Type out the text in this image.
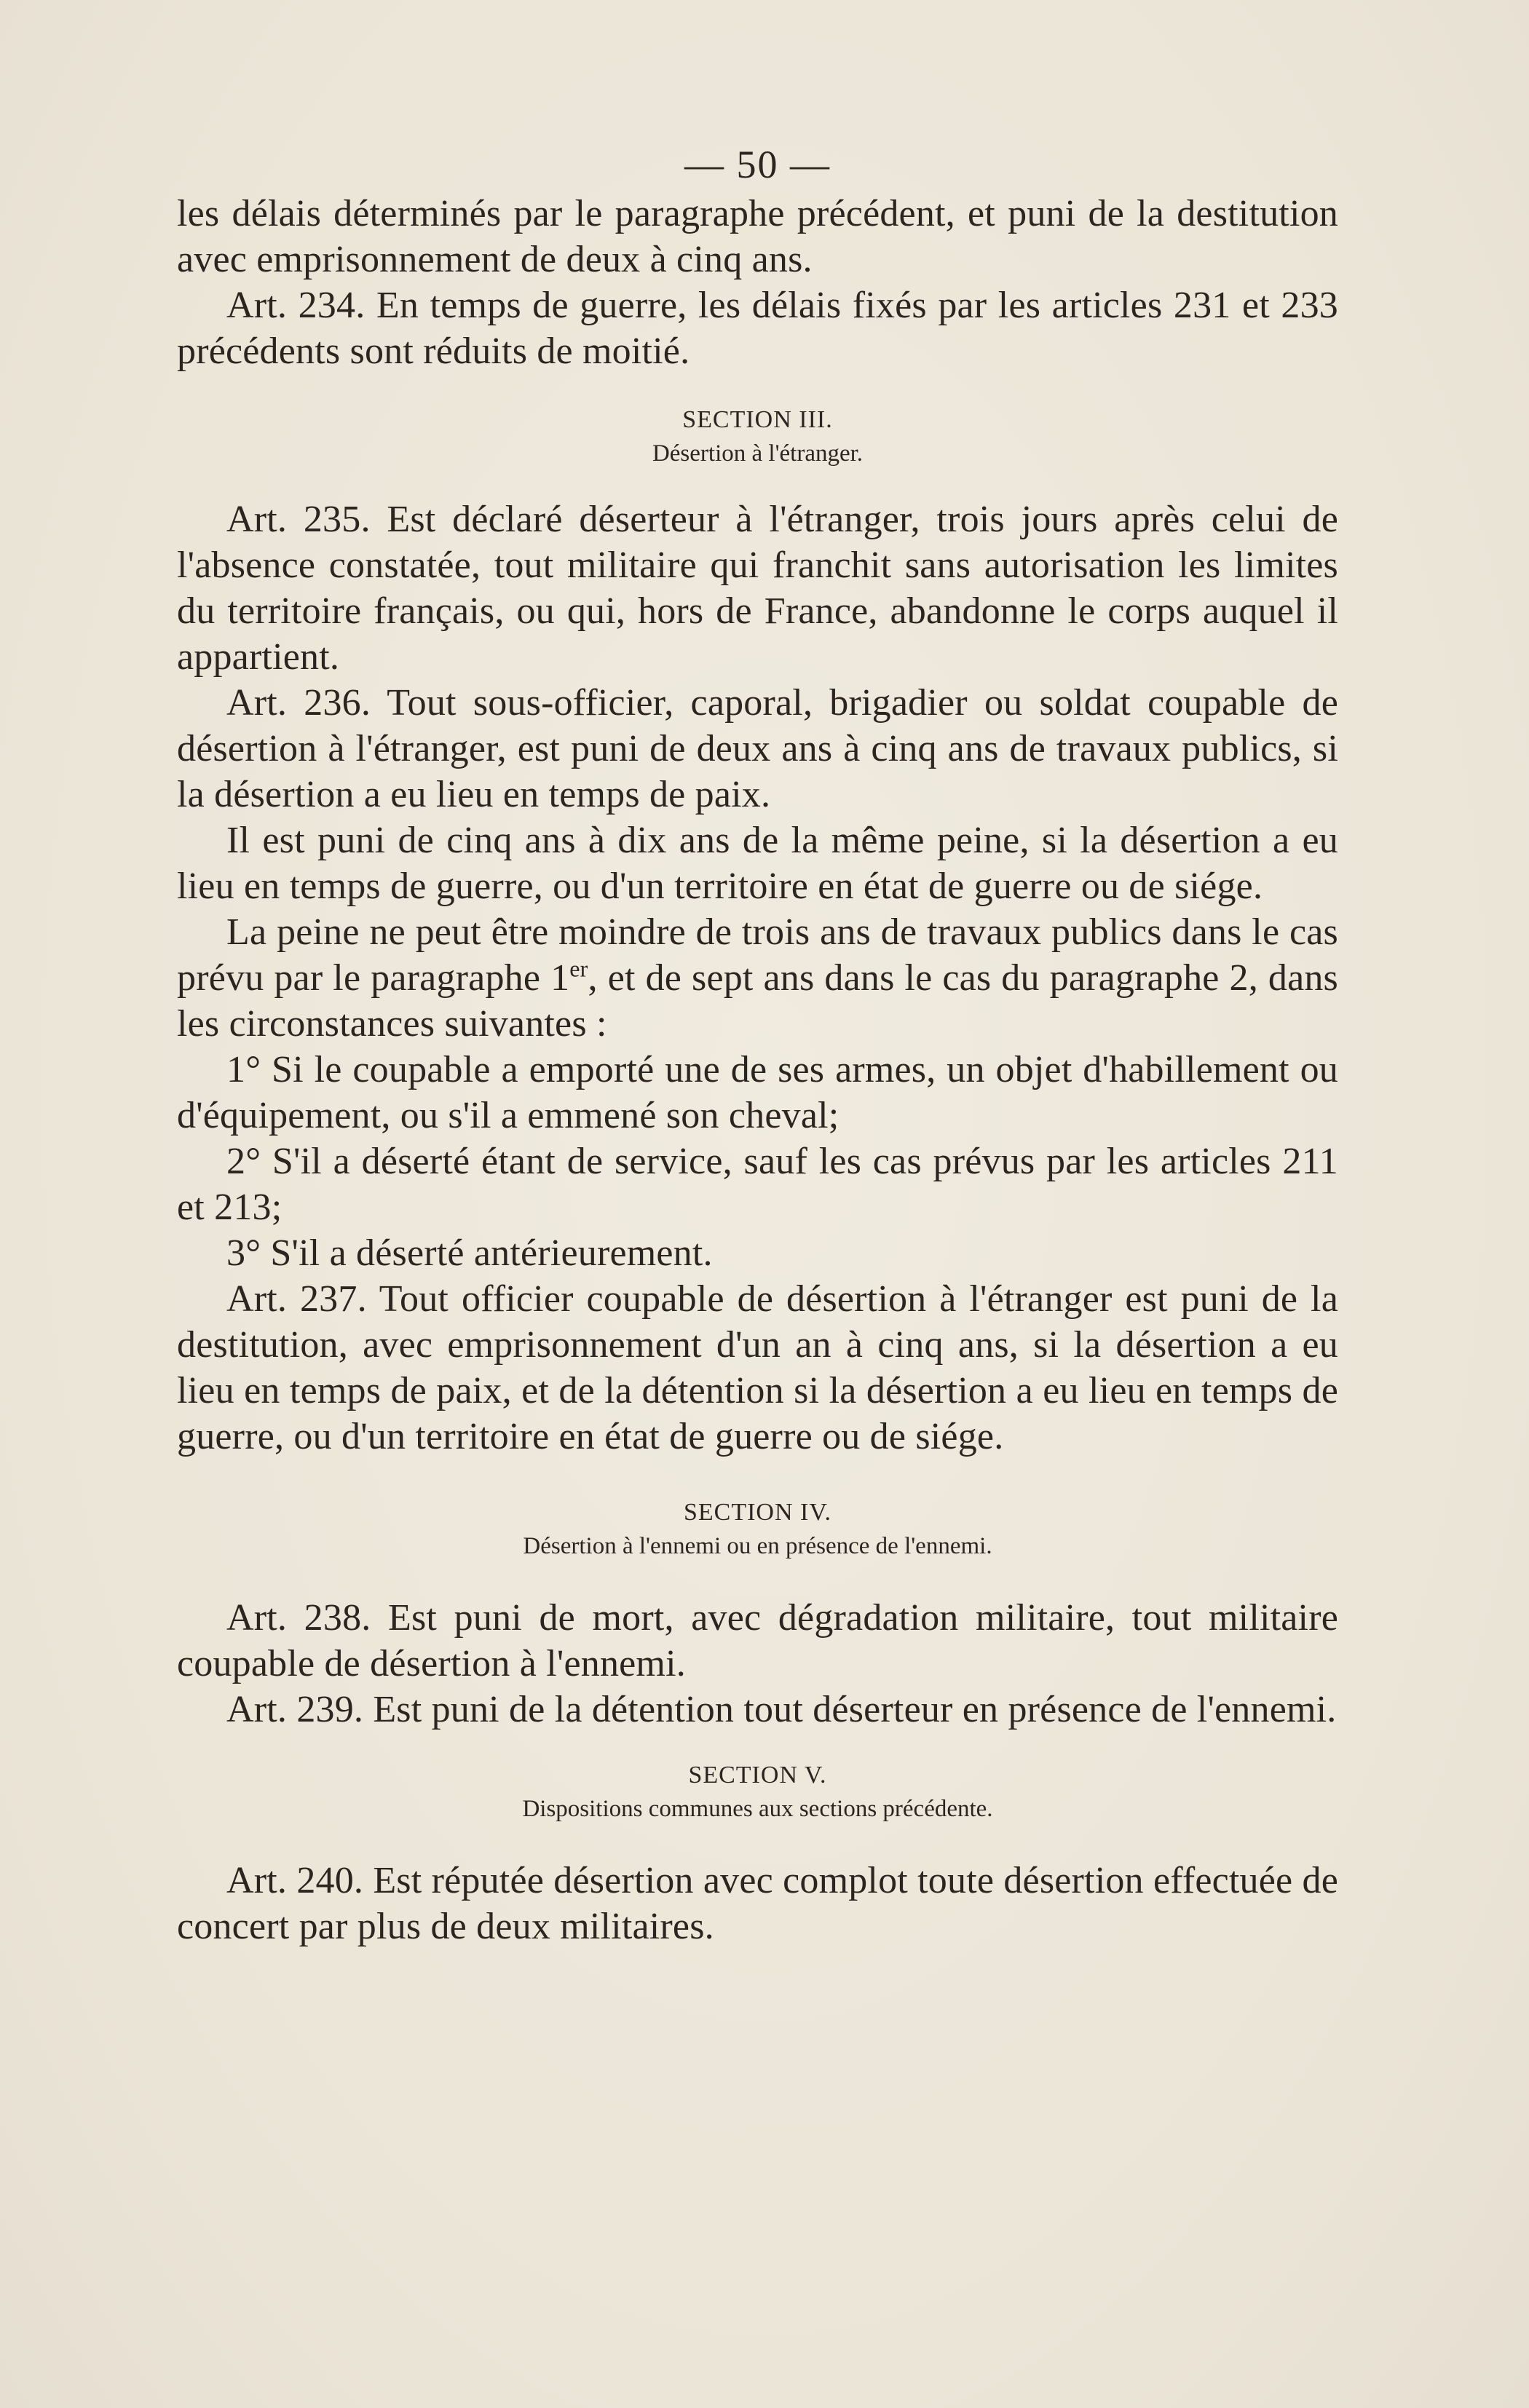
— 50 —

les délais déterminés par le paragraphe précédent, et puni de la destitution avec emprisonnement de deux à cinq ans.

Art. 234. En temps de guerre, les délais fixés par les articles 231 et 233 précédents sont réduits de moitié.

SECTION III.

Désertion à l'étranger.

Art. 235. Est déclaré déserteur à l'étranger, trois jours après celui de l'absence constatée, tout militaire qui franchit sans autorisation les limites du territoire français, ou qui, hors de France, abandonne le corps auquel il appartient.

Art. 236. Tout sous-officier, caporal, brigadier ou soldat coupable de désertion à l'étranger, est puni de deux ans à cinq ans de travaux publics, si la désertion a eu lieu en temps de paix.

Il est puni de cinq ans à dix ans de la même peine, si la désertion a eu lieu en temps de guerre, ou d'un territoire en état de guerre ou de siége.

La peine ne peut être moindre de trois ans de travaux publics dans le cas prévu par le paragraphe 1er, et de sept ans dans le cas du paragraphe 2, dans les circonstances suivantes :

1° Si le coupable a emporté une de ses armes, un objet d'habillement ou d'équipement, ou s'il a emmené son cheval;

2° S'il a déserté étant de service, sauf les cas prévus par les articles 211 et 213;

3° S'il a déserté antérieurement.

Art. 237. Tout officier coupable de désertion à l'étranger est puni de la destitution, avec emprisonnement d'un an à cinq ans, si la désertion a eu lieu en temps de paix, et de la détention si la désertion a eu lieu en temps de guerre, ou d'un territoire en état de guerre ou de siége.

SECTION IV.

Désertion à l'ennemi ou en présence de l'ennemi.

Art. 238. Est puni de mort, avec dégradation militaire, tout militaire coupable de désertion à l'ennemi.

Art. 239. Est puni de la détention tout déserteur en présence de l'ennemi.

SECTION V.

Dispositions communes aux sections précédente.

Art. 240. Est réputée désertion avec complot toute désertion effectuée de concert par plus de deux militaires.
